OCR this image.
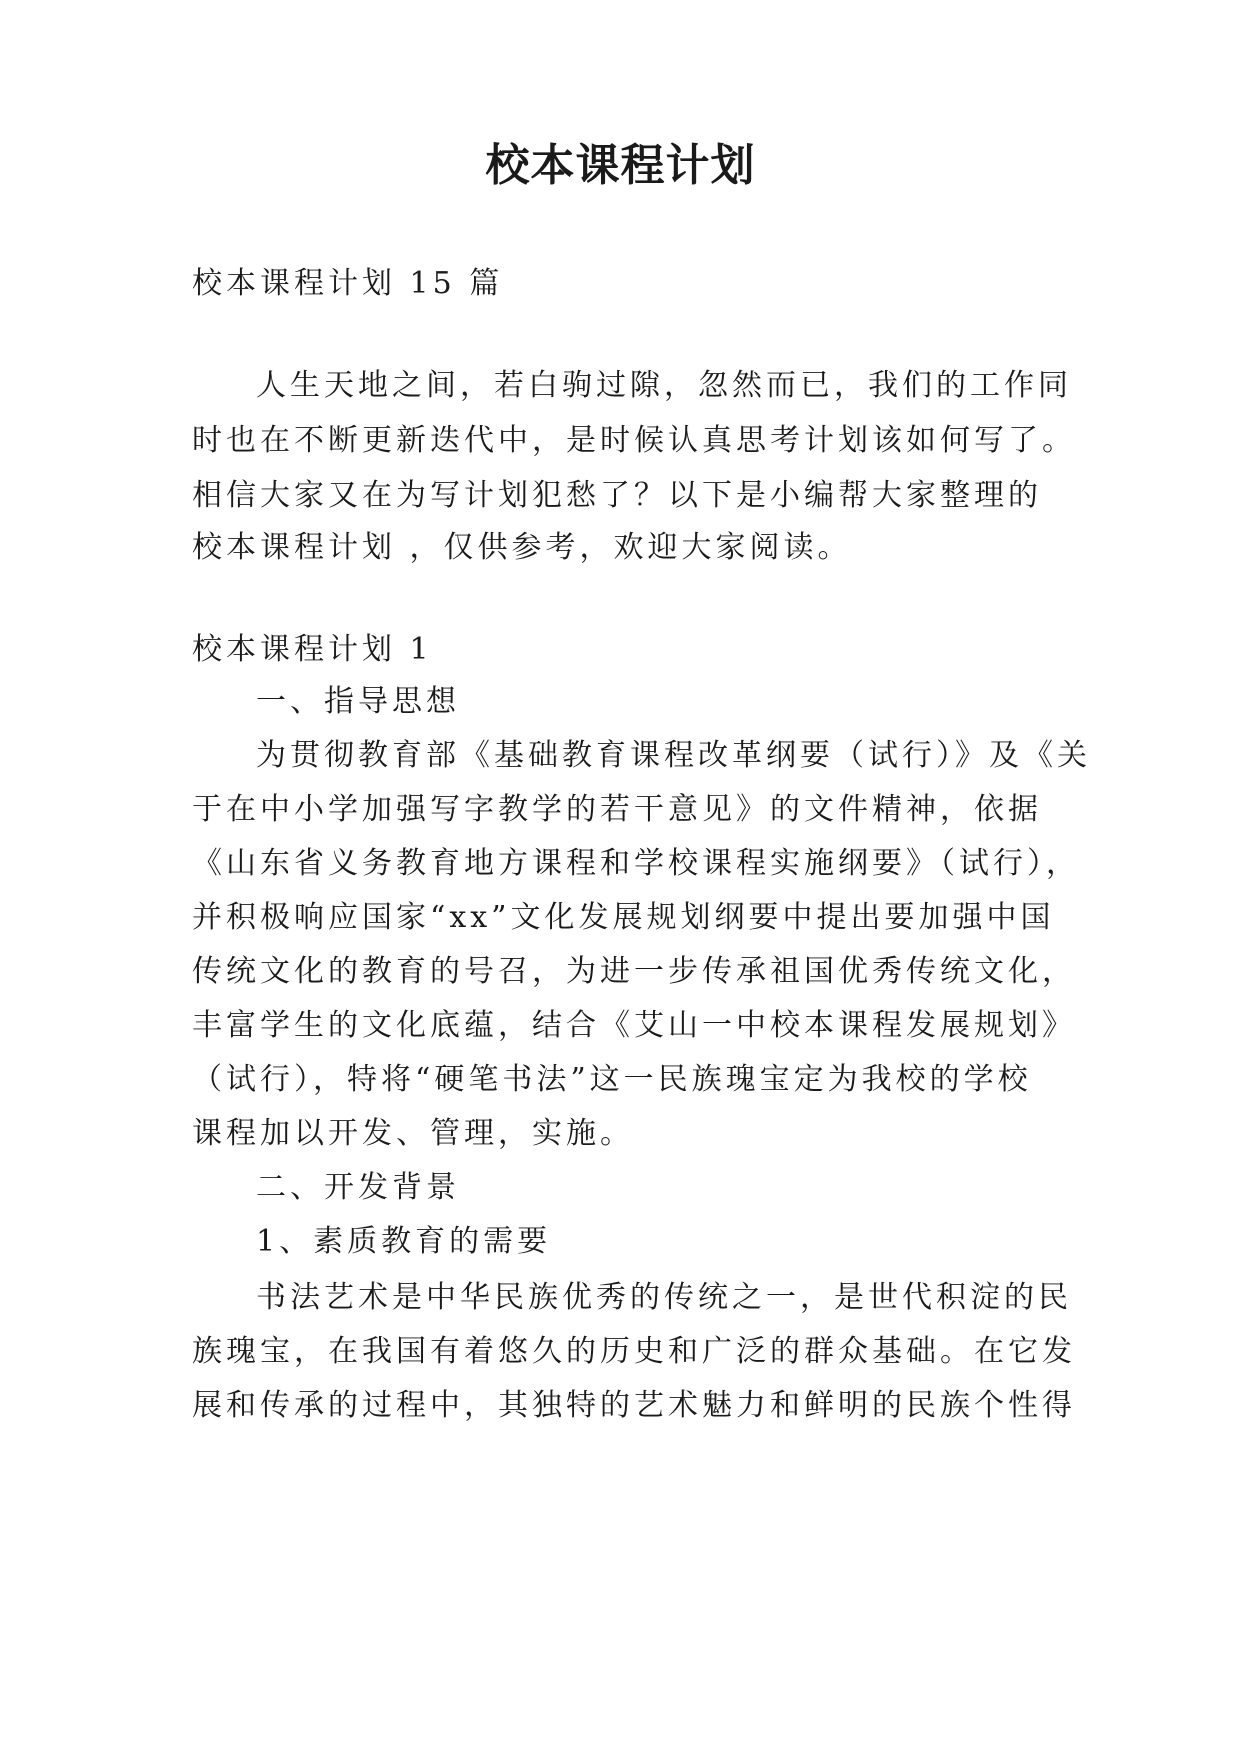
校本课程计划
校本课程计划 15 篇
人生天地之间，若白驹过隙，忽然而已，我们的工作同
时也在不断更新迭代中，是时候认真思考计划该如何写了。
相信大家又在为写计划犯愁了？以下是小编帮大家整理的
校本课程计划 ，仅供参考，欢迎大家阅读。
校本课程计划 1
一、指导思想
为贯彻教育部《基础教育课程改革纲要（试行）》及《关
于在中小学加强写字教学的若干意见》的文件精神，依据
《山东省义务教育地方课程和学校课程实施纲要》（试行），
并积极响应国家“xx”文化发展规划纲要中提出要加强中国
传统文化的教育的号召，为进一步传承祖国优秀传统文化，
丰富学生的文化底蕴，结合《艾山一中校本课程发展规划》
（试行），特将“硬笔书法”这一民族瑰宝定为我校的学校
课程加以开发、管理，实施。
二、开发背景
1、素质教育的需要
书法艺术是中华民族优秀的传统之一，是世代积淀的民
族瑰宝，在我国有着悠久的历史和广泛的群众基础。在它发
展和传承的过程中，其独特的艺术魅力和鲜明的民族个性得
